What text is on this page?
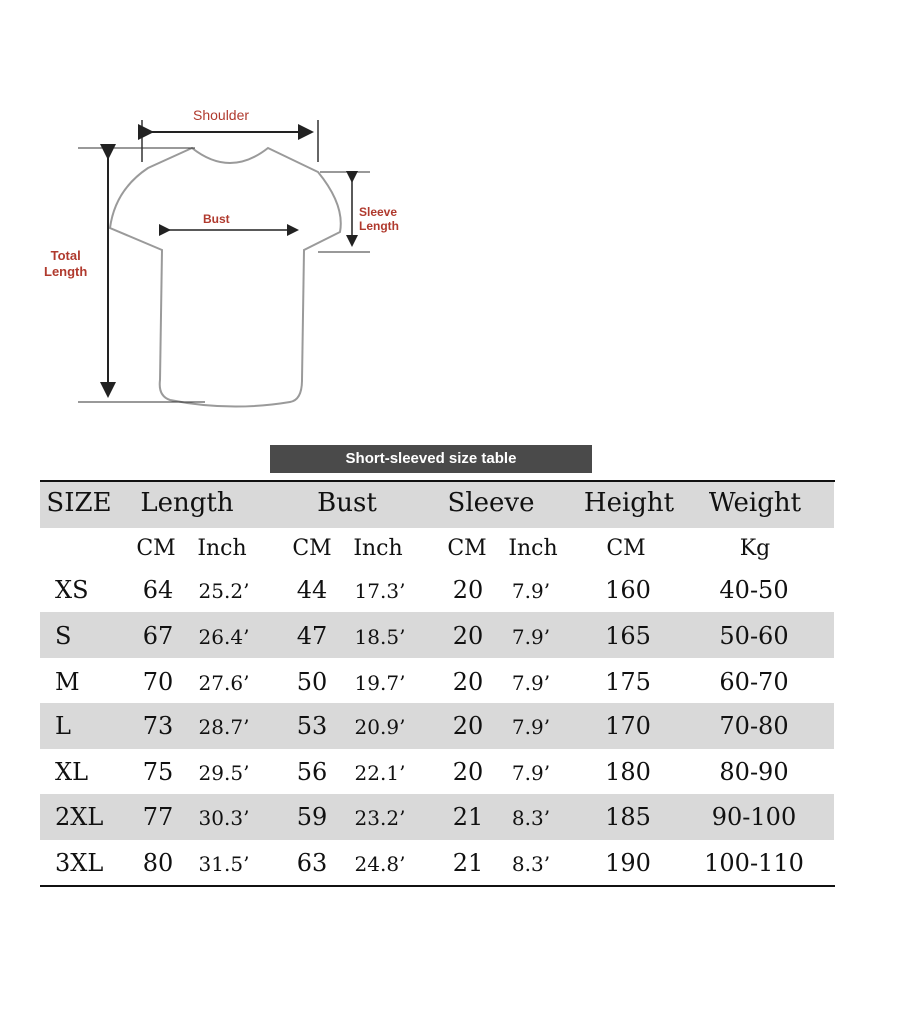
Shoulder
Bust	Sleeve
Length
Total
Length
Short-sleeved size table
SIZE Length	Bust	Sleeve Height Weight
CM Inch CM Inch CM Inch CM	Kg
XS 64 25.2’ 44 17.3’ 20 7.9’ 160	40-50
S	67 26.4’ 47 18.5’ 20 7.9’ 165	50-60
M	70 27.6’ 50 19.7’ 20 7.9’ 175	60-70
L	73 28.7’ 53 20.9’ 20 7.9’ 170	70-80
XL 75 29.5’ 56 22.1’ 20 7.9’ 180	80-90
2XL 77 30.3’ 59 23.2’ 21 8.3’ 185	90-100
3XL 80 31.5’ 63 24.8’ 21 8.3’ 190 100-110
